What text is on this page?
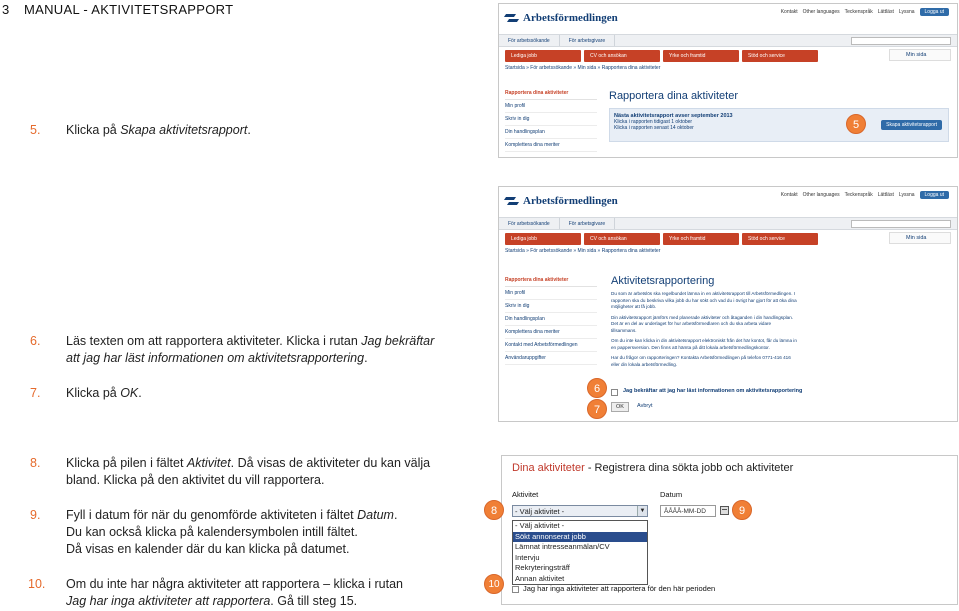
3 MANUAL - AKTIVITETSRAPPORT
5. Klicka på Skapa aktivitetsrapport.
6. Läs texten om att rapportera aktiviteter. Klicka i rutan Jag bekräftar
att jag har läst informationen om aktivitetsrapportering.
7. Klicka på OK.
8. Klicka på pilen i fältet Aktivitet. Då visas de aktiviteter du kan välja
bland. Klicka på den aktivitet du vill rapportera.
9. Fyll i datum för när du genomförde aktiviteten i fältet Datum.
Du kan också klicka på kalendersymbolen intill fältet.
Då visas en kalender där du kan klicka på datumet.
10. Om du inte har några aktiviteter att rapportera – klicka i rutan
Jag har inga aktiviteter att rapportera. Gå till steg 15.
Arbetsförmedlingen	Kontakt Other languages Teckenspråk Lättläst Lyssna	Logga ut
För arbetssökande	För arbetsgivare
Lediga jobb	CV och ansökan	Yrke och framtid	Stöd och service	Min sida
Startsida » För arbetssökande » Min sida » Rapportera dina aktiviteter
Rapportera dina aktiviteter
Min profil
Skriv in dig
Din handlingsplan
Komplettera dina meriter
Rapportera dina aktiviteter
Nästa aktivitetsrapport avser september 2013
Klicka i rapporten tidigast 1 oktober
Klicka i rapporten senast 14 oktober	Skapa aktivitetsrapport
5
Arbetsförmedlingen	Kontakt Other languages Teckenspråk Lättläst Lyssna	Logga ut
För arbetssökande	För arbetsgivare
Lediga jobb	CV och ansökan	Yrke och framtid	Stöd och service	Min sida
Startsida » För arbetssökande » Min sida » Rapportera dina aktiviteter
Rapportera dina aktiviteter
Min profil
Skriv in dig
Din handlingsplan
Komplettera dina meriter
Kontakt med Arbetsförmedlingen
Användaruppgifter
Aktivitetsrapportering
Du som är arbetslös ska regelbundet lämna in en aktivitetsrapport till Arbetsförmedlingen. I rapporten ska du beskriva vilka jobb du har sökt och vad du i övrigt har gjort för att öka dina möjligheter att få jobb.
Din aktivitetsrapport jämförs med planerade aktiviteter och åtaganden i din handlingsplan. Det är en del av underlaget för hur arbetsförmedlaren och du ska arbeta vidare tillsammans.
Om du inte kan klicka in din aktivitetsrapport elektroniskt från det här kontot, får du lämna in en pappersversion. Den finns att hämta på ditt lokala arbetsförmedlingskontor.
Har du frågor om rapporteringen? Kontakta Arbetsförmedlingen på telefon 0771-416 416 eller din lokala arbetsförmedling.
Jag bekräftar att jag har läst informationen om aktivitetsrapportering
OK	Avbryt
6
7
Dina aktiviteter - Registrera dina sökta jobb och aktiviteter
Aktivitet	Datum
- Välj aktivitet -	▼
- Välj aktivitet -
Sökt annonserat jobb
Lämnat intresseanmälan/CV
Intervju
Rekryteringsträff
Annan aktivitet
ÅÅÅÅ-MM-DD
Jag har inga aktiviteter att rapportera för den här perioden
8	9
10
